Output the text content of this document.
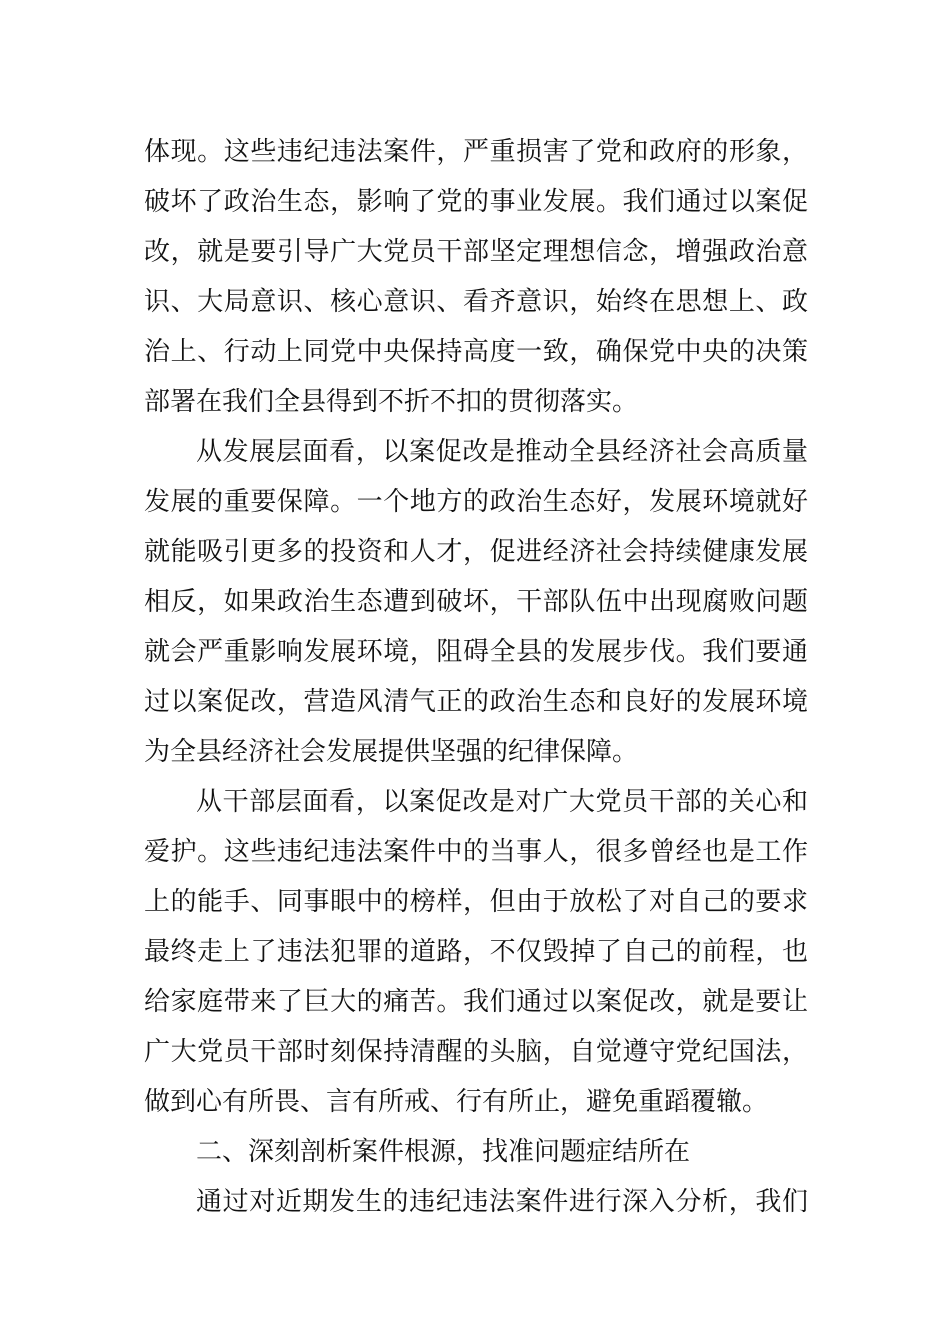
体现。这些违纪违法案件，严重损害了党和政府的形象，
破坏了政治生态，影响了党的事业发展。我们通过以案促
改，就是要引导广大党员干部坚定理想信念，增强政治意
识、大局意识、核心意识、看齐意识，始终在思想上、政
治上、行动上同党中央保持高度一致，确保党中央的决策
部署在我们全县得到不折不扣的贯彻落实。
从发展层面看，以案促改是推动全县经济社会高质量
发展的重要保障。一个地方的政治生态好，发展环境就好
就能吸引更多的投资和人才，促进经济社会持续健康发展
相反，如果政治生态遭到破坏，干部队伍中出现腐败问题
就会严重影响发展环境，阻碍全县的发展步伐。我们要通
过以案促改，营造风清气正的政治生态和良好的发展环境
为全县经济社会发展提供坚强的纪律保障。
从干部层面看，以案促改是对广大党员干部的关心和
爱护。这些违纪违法案件中的当事人，很多曾经也是工作
上的能手、同事眼中的榜样，但由于放松了对自己的要求
最终走上了违法犯罪的道路，不仅毁掉了自己的前程，也
给家庭带来了巨大的痛苦。我们通过以案促改，就是要让
广大党员干部时刻保持清醒的头脑，自觉遵守党纪国法，
做到心有所畏、言有所戒、行有所止，避免重蹈覆辙。
二、深刻剖析案件根源，找准问题症结所在
通过对近期发生的违纪违法案件进行深入分析，我们
